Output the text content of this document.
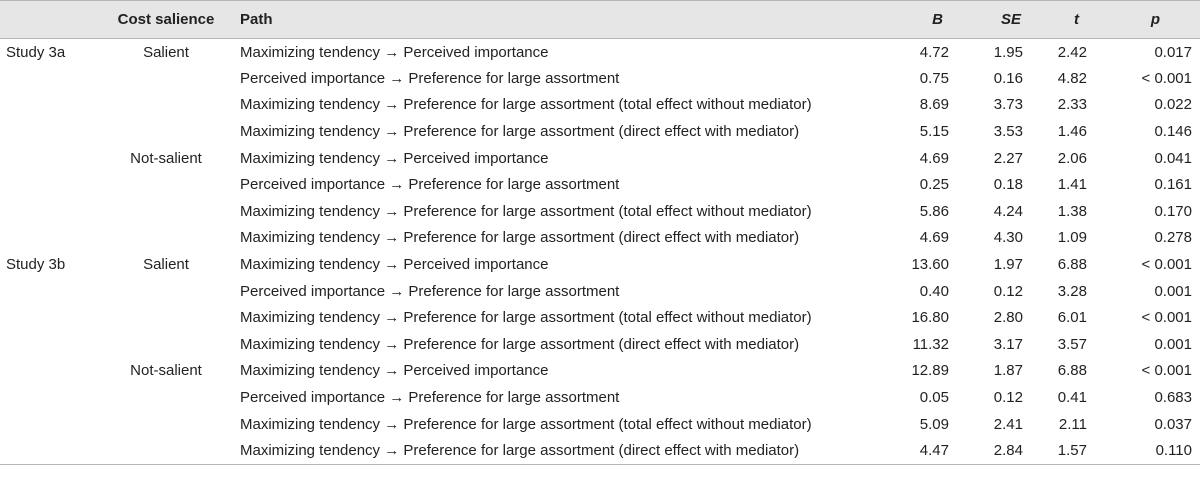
	Cost salience	Path	B	SE	t	p
Study 3a	Salient	Maximizing tendency → Perceived importance	4.72	1.95	2.42	0.017
		Perceived importance → Preference for large assortment	0.75	0.16	4.82	< 0.001
		Maximizing tendency → Preference for large assortment (total effect without mediator)	8.69	3.73	2.33	0.022
		Maximizing tendency → Preference for large assortment (direct effect with mediator)	5.15	3.53	1.46	0.146
	Not-salient	Maximizing tendency → Perceived importance	4.69	2.27	2.06	0.041
		Perceived importance → Preference for large assortment	0.25	0.18	1.41	0.161
		Maximizing tendency → Preference for large assortment (total effect without mediator)	5.86	4.24	1.38	0.170
		Maximizing tendency → Preference for large assortment (direct effect with mediator)	4.69	4.30	1.09	0.278
Study 3b	Salient	Maximizing tendency → Perceived importance	13.60	1.97	6.88	< 0.001
		Perceived importance → Preference for large assortment	0.40	0.12	3.28	0.001
		Maximizing tendency → Preference for large assortment (total effect without mediator)	16.80	2.80	6.01	< 0.001
		Maximizing tendency → Preference for large assortment (direct effect with mediator)	11.32	3.17	3.57	0.001
	Not-salient	Maximizing tendency → Perceived importance	12.89	1.87	6.88	< 0.001
		Perceived importance → Preference for large assortment	0.05	0.12	0.41	0.683
		Maximizing tendency → Preference for large assortment (total effect without mediator)	5.09	2.41	2.11	0.037
		Maximizing tendency → Preference for large assortment (direct effect with mediator)	4.47	2.84	1.57	0.110
